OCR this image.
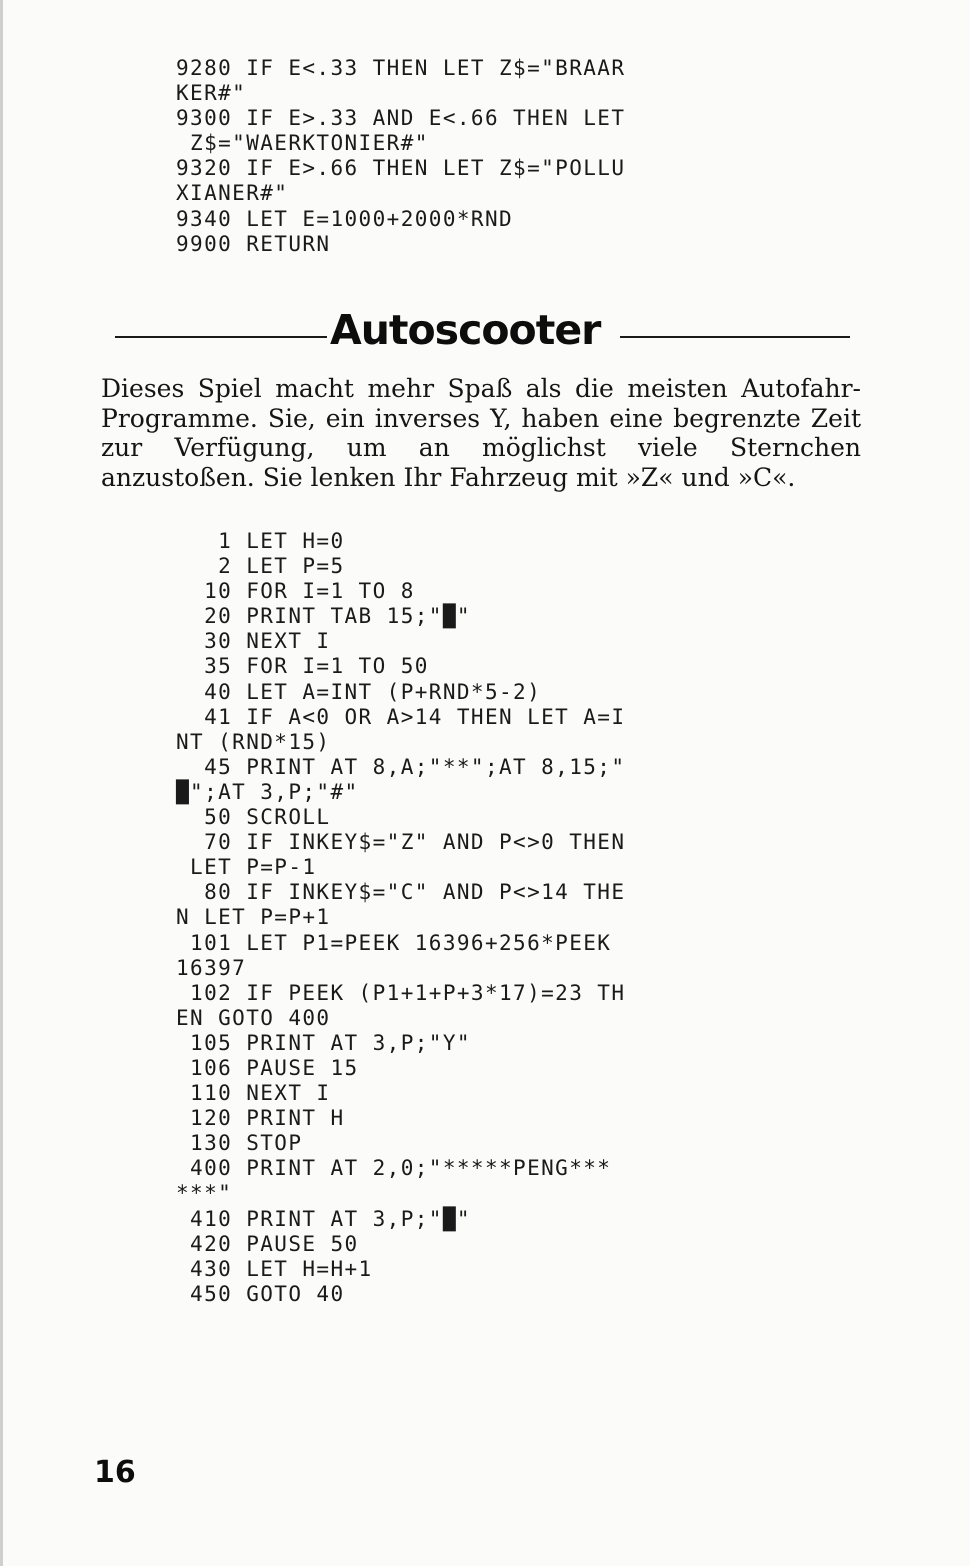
9280 IF E<.33 THEN LET Z$="BRAAR
KER#"
9300 IF E>.33 AND E<.66 THEN LET
Z$="WAERKTONIER#"
9320 IF E>.66 THEN LET Z$="POLLU
XIANER#"
9340 LET E=1000+2000*RND
9900 RETURN
Autoscooter

Dieses Spiel macht mehr Spaß als die meisten Autofahr-Programme. Sie, ein inverses Y, haben eine begrenzte Zeit zur Verfügung, um an möglichst viele Sternchen anzustoßen. Sie lenken Ihr Fahrzeug mit »Z« und »C«.

1 LET H=0
2 LET P=5
10 FOR I=1 TO 8
20 PRINT TAB 15;"█"
30 NEXT I
35 FOR I=1 TO 50
40 LET A=INT (P+RND*5-2)
41 IF A<0 OR A>14 THEN LET A=I
NT (RND*15)
45 PRINT AT 8,A;"**";AT 8,15;"
█";AT 3,P;"#"
50 SCROLL
70 IF INKEY$="Z" AND P<>0 THEN
LET P=P-1
80 IF INKEY$="C" AND P<>14 THE
N LET P=P+1
101 LET P1=PEEK 16396+256*PEEK
16397
102 IF PEEK (P1+1+P+3*17)=23 TH
EN GOTO 400
105 PRINT AT 3,P;"Y"
106 PAUSE 15
110 NEXT I
120 PRINT H
130 STOP
400 PRINT AT 2,0;"*****PENG***
***"
410 PRINT AT 3,P;"█"
420 PAUSE 50
430 LET H=H+1
450 GOTO 40
16
